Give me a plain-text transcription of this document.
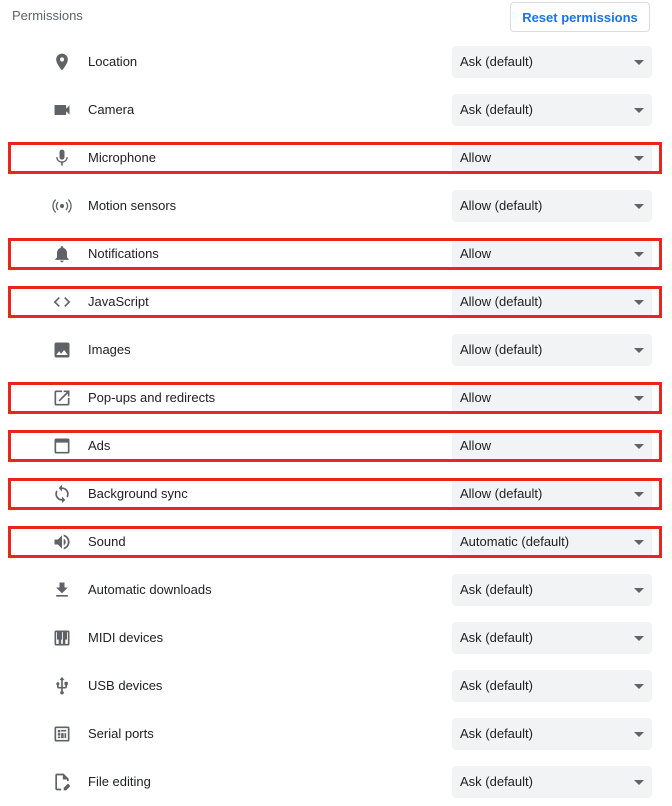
Permissions	Reset permissions
Location	Ask (default)
Camera	Ask (default)
Microphone	Allow
Motion sensors	Allow (default)
Notifications	Allow
JavaScript	Allow (default)
Images	Allow (default)
Pop-ups and redirects	Allow
Ads	Allow
Background sync	Allow (default)
Sound	Automatic (default)
Automatic downloads	Ask (default)
MIDI devices	Ask (default)
USB devices	Ask (default)
Serial ports	Ask (default)
File editing	Ask (default)
